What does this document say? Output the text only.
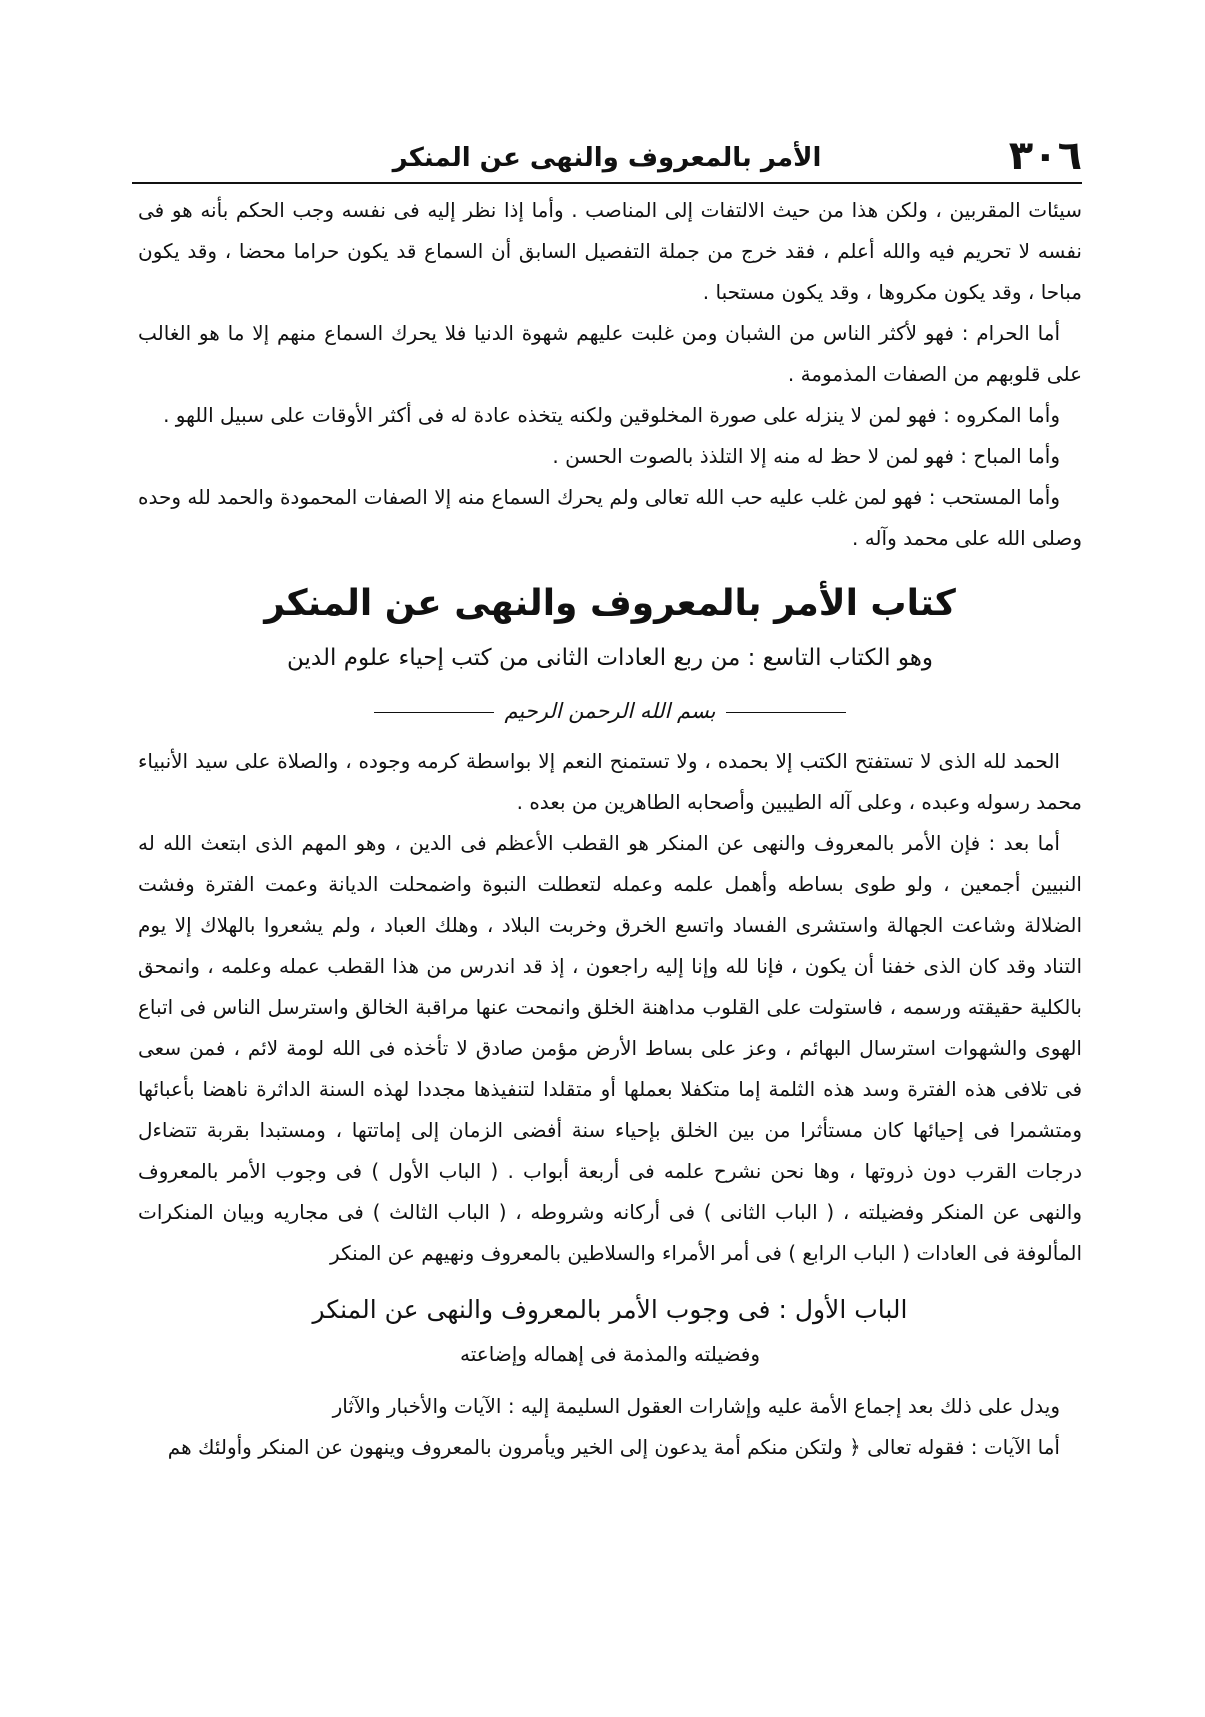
٣٠٦
الأمر بالمعروف والنهى عن المنكر

سيئات المقربين ، ولكن هذا من حيث الالتفات إلى المناصب . وأما إذا نظر إليه فى نفسه وجب الحكم بأنه هو فى نفسه لا تحريم فيه والله أعلم ، فقد خرج من جملة التفصيل السابق أن السماع قد يكون حراما محضا ، وقد يكون مباحا ، وقد يكون مكروها ، وقد يكون مستحبا .

أما الحرام : فهو لأكثر الناس من الشبان ومن غلبت عليهم شهوة الدنيا فلا يحرك السماع منهم إلا ما هو الغالب على قلوبهم من الصفات المذمومة .

وأما المكروه : فهو لمن لا ينزله على صورة المخلوقين ولكنه يتخذه عادة له فى أكثر الأوقات على سبيل اللهو .

وأما المباح : فهو لمن لا حظ له منه إلا التلذذ بالصوت الحسن .

وأما المستحب : فهو لمن غلب عليه حب الله تعالى ولم يحرك السماع منه إلا الصفات المحمودة والحمد لله وحده وصلى الله على محمد وآله .

كتاب الأمر بالمعروف والنهى عن المنكر
وهو الكتاب التاسع : من ربع العادات الثانى من كتب إحياء علوم الدين
بسم الله الرحمن الرحيم

الحمد لله الذى لا تستفتح الكتب إلا بحمده ، ولا تستمنح النعم إلا بواسطة كرمه وجوده ، والصلاة على سيد الأنبياء محمد رسوله وعبده ، وعلى آله الطيبين وأصحابه الطاهرين من بعده .

أما بعد : فإن الأمر بالمعروف والنهى عن المنكر هو القطب الأعظم فى الدين ، وهو المهم الذى ابتعث الله له النبيين أجمعين ، ولو طوى بساطه وأهمل علمه وعمله لتعطلت النبوة واضمحلت الديانة وعمت الفترة وفشت الضلالة وشاعت الجهالة واستشرى الفساد واتسع الخرق وخربت البلاد ، وهلك العباد ، ولم يشعروا بالهلاك إلا يوم التناد وقد كان الذى خفنا أن يكون ، فإنا لله وإنا إليه راجعون ، إذ قد اندرس من هذا القطب عمله وعلمه ، وانمحق بالكلية حقيقته ورسمه ، فاستولت على القلوب مداهنة الخلق وانمحت عنها مراقبة الخالق واسترسل الناس فى اتباع الهوى والشهوات استرسال البهائم ، وعز على بساط الأرض مؤمن صادق لا تأخذه فى الله لومة لائم ، فمن سعى فى تلافى هذه الفترة وسد هذه الثلمة إما متكفلا بعملها أو متقلدا لتنفيذها مجددا لهذه السنة الداثرة ناهضا بأعبائها ومتشمرا فى إحيائها كان مستأثرا من بين الخلق بإحياء سنة أفضى الزمان إلى إماتتها ، ومستبدا بقربة تتضاءل درجات القرب دون ذروتها ، وها نحن نشرح علمه فى أربعة أبواب . ( الباب الأول ) فى وجوب الأمر بالمعروف والنهى عن المنكر وفضيلته ، ( الباب الثانى ) فى أركانه وشروطه ، ( الباب الثالث ) فى مجاريه وبيان المنكرات المألوفة فى العادات ( الباب الرابع ) فى أمر الأمراء والسلاطين بالمعروف ونهيهم عن المنكر

الباب الأول : فى وجوب الأمر بالمعروف والنهى عن المنكر
وفضيلته والمذمة فى إهماله وإضاعته

ويدل على ذلك بعد إجماع الأمة عليه وإشارات العقول السليمة إليه : الآيات والأخبار والآثار

أما الآيات : فقوله تعالى ﴿ ولتكن منكم أمة يدعون إلى الخير ويأمرون بالمعروف وينهون عن المنكر وأولئك هم
